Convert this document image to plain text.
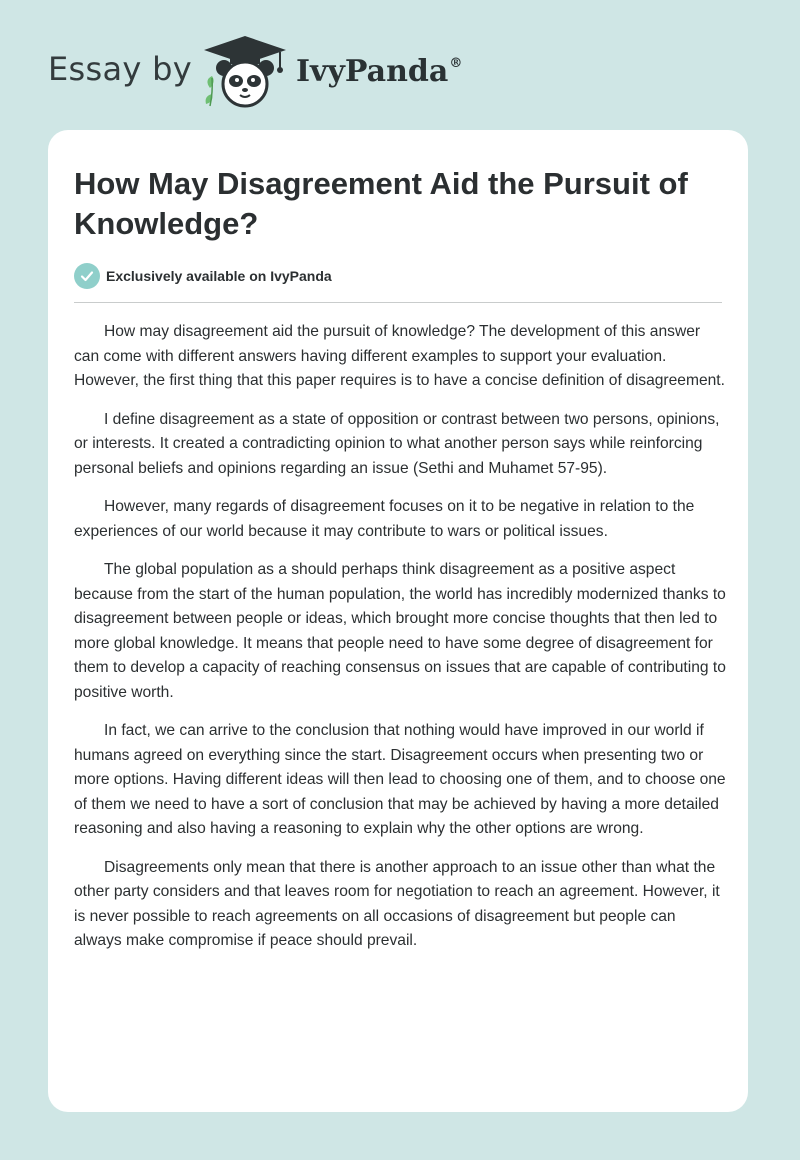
Essay by	IvyPanda®
How May Disagreement Aid the Pursuit of Knowledge?
Exclusively available on IvyPanda

How may disagreement aid the pursuit of knowledge? The development of this answer can come with different answers having different examples to support your evaluation. However, the first thing that this paper requires is to have a concise definition of disagreement.

I define disagreement as a state of opposition or contrast between two persons, opinions, or interests. It created a contradicting opinion to what another person says while reinforcing personal beliefs and opinions regarding an issue (Sethi and Muhamet 57-95).

However, many regards of disagreement focuses on it to be negative in relation to the experiences of our world because it may contribute to wars or political issues.

The global population as a should perhaps think disagreement as a positive aspect because from the start of the human population, the world has incredibly modernized thanks to disagreement between people or ideas, which brought more concise thoughts that then led to more global knowledge. It means that people need to have some degree of disagreement for them to develop a capacity of reaching consensus on issues that are capable of contributing to positive worth.

In fact, we can arrive to the conclusion that nothing would have improved in our world if humans agreed on everything since the start. Disagreement occurs when presenting two or more options. Having different ideas will then lead to choosing one of them, and to choose one of them we need to have a sort of conclusion that may be achieved by having a more detailed reasoning and also having a reasoning to explain why the other options are wrong.

Disagreements only mean that there is another approach to an issue other than what the other party considers and that leaves room for negotiation to reach an agreement. However, it is never possible to reach agreements on all occasions of disagreement but people can always make compromise if peace should prevail.
